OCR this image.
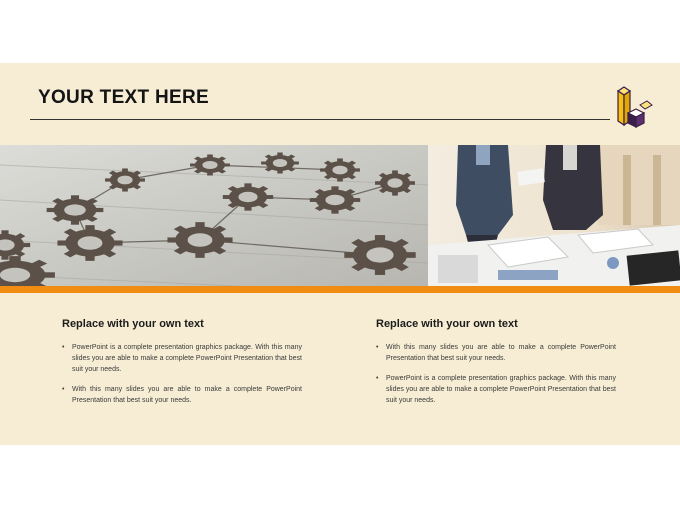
YOUR TEXT HERE
Replace with your own text
• PowerPoint is a complete presentation graphics package. With this many slides you are able to make a complete PowerPoint Presentation that best suit your needs.
• With this many slides you are able to make a complete PowerPoint Presentation that best suit your needs.
Replace with your own text
• With this many slides you are able to make a complete PowerPoint Presentation that best suit your needs.
• PowerPoint is a complete presentation graphics package. With this many slides you are able to make a complete PowerPoint Presentation that best suit your needs.
